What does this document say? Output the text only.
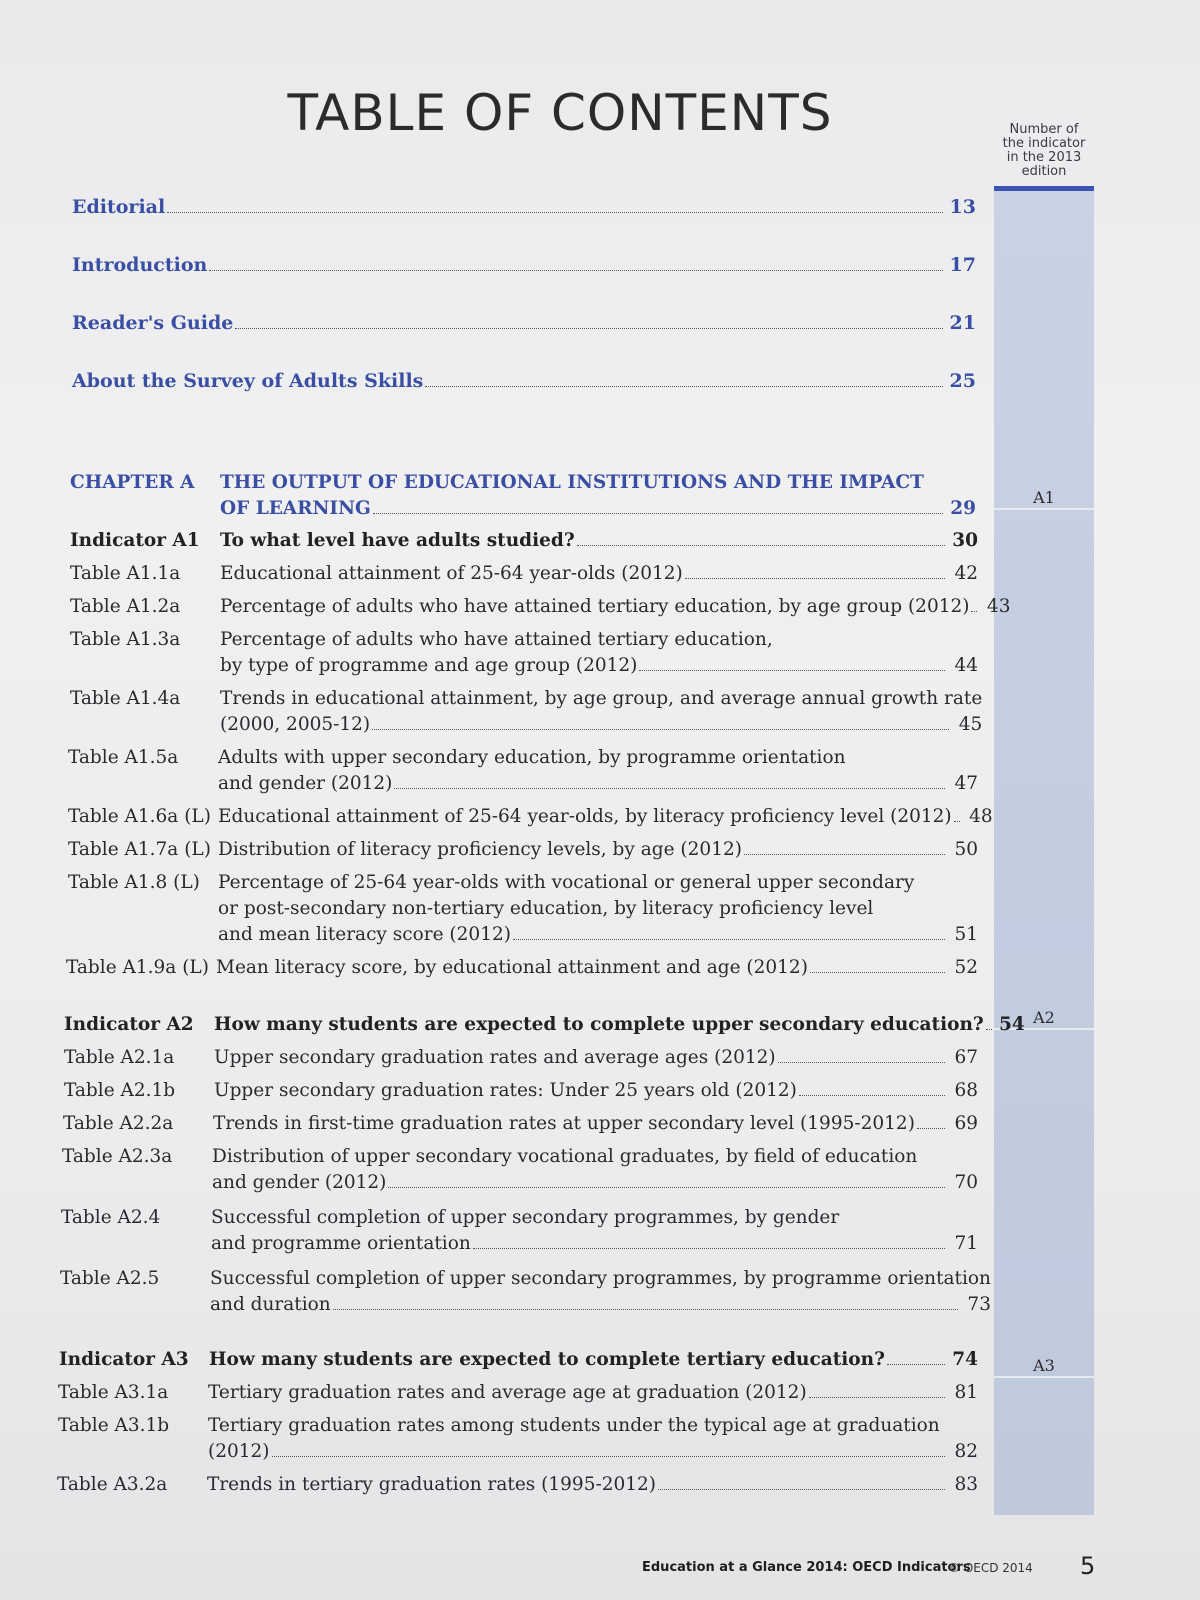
TABLE OF CONTENTS	Number of the indicator in the 2013 edition
A1
A2
A3
Editorial	13
Introduction	17
Reader's Guide	21
About the Survey of Adults Skills	25
CHAPTER A	THE OUTPUT OF EDUCATIONAL INSTITUTIONS AND THE IMPACT
OF LEARNING	29
Indicator A1	To what level have adults studied?	30
Table A1.1a	Educational attainment of 25-64 year-olds (2012)	42
Table A1.2a	Percentage of adults who have attained tertiary education, by age group (2012) 43
Table A1.3a	Percentage of adults who have attained tertiary education,
by type of programme and age group (2012)	44
Table A1.4a	Trends in educational attainment, by age group, and average annual growth rate
(2000, 2005-12)	45
Table A1.5a	Adults with upper secondary education, by programme orientation
and gender (2012)	47
Table A1.6a (L) Educational attainment of 25-64 year-olds, by literacy proficiency level (2012) 48
Table A1.7a (L) Distribution of literacy proficiency levels, by age (2012)	50
Table A1.8 (L) Percentage of 25-64 year-olds with vocational or general upper secondary
or post-secondary non-tertiary education, by literacy proficiency level
and mean literacy score (2012)	51
Table A1.9a (L) Mean literacy score, by educational attainment and age (2012)	52
Indicator A2	How many students are expected to complete upper secondary education? 54
Table A2.1a	Upper secondary graduation rates and average ages (2012)	67
Table A2.1b	Upper secondary graduation rates: Under 25 years old (2012)	68
Table A2.2a	Trends in first-time graduation rates at upper secondary level (1995-2012)	69
Table A2.3a	Distribution of upper secondary vocational graduates, by field of education
and gender (2012)	70
Table A2.4	Successful completion of upper secondary programmes, by gender
and programme orientation	71
Table A2.5	Successful completion of upper secondary programmes, by programme orientation
and duration	73
Indicator A3	How many students are expected to complete tertiary education?	74
Table A3.1a	Tertiary graduation rates and average age at graduation (2012)	81
Table A3.1b	Tertiary graduation rates among students under the typical age at graduation
(2012)	82
Table A3.2a	Trends in tertiary graduation rates (1995-2012)	83
Education at a Glance 2014: OECD Indicators
© OECD 2014 5
